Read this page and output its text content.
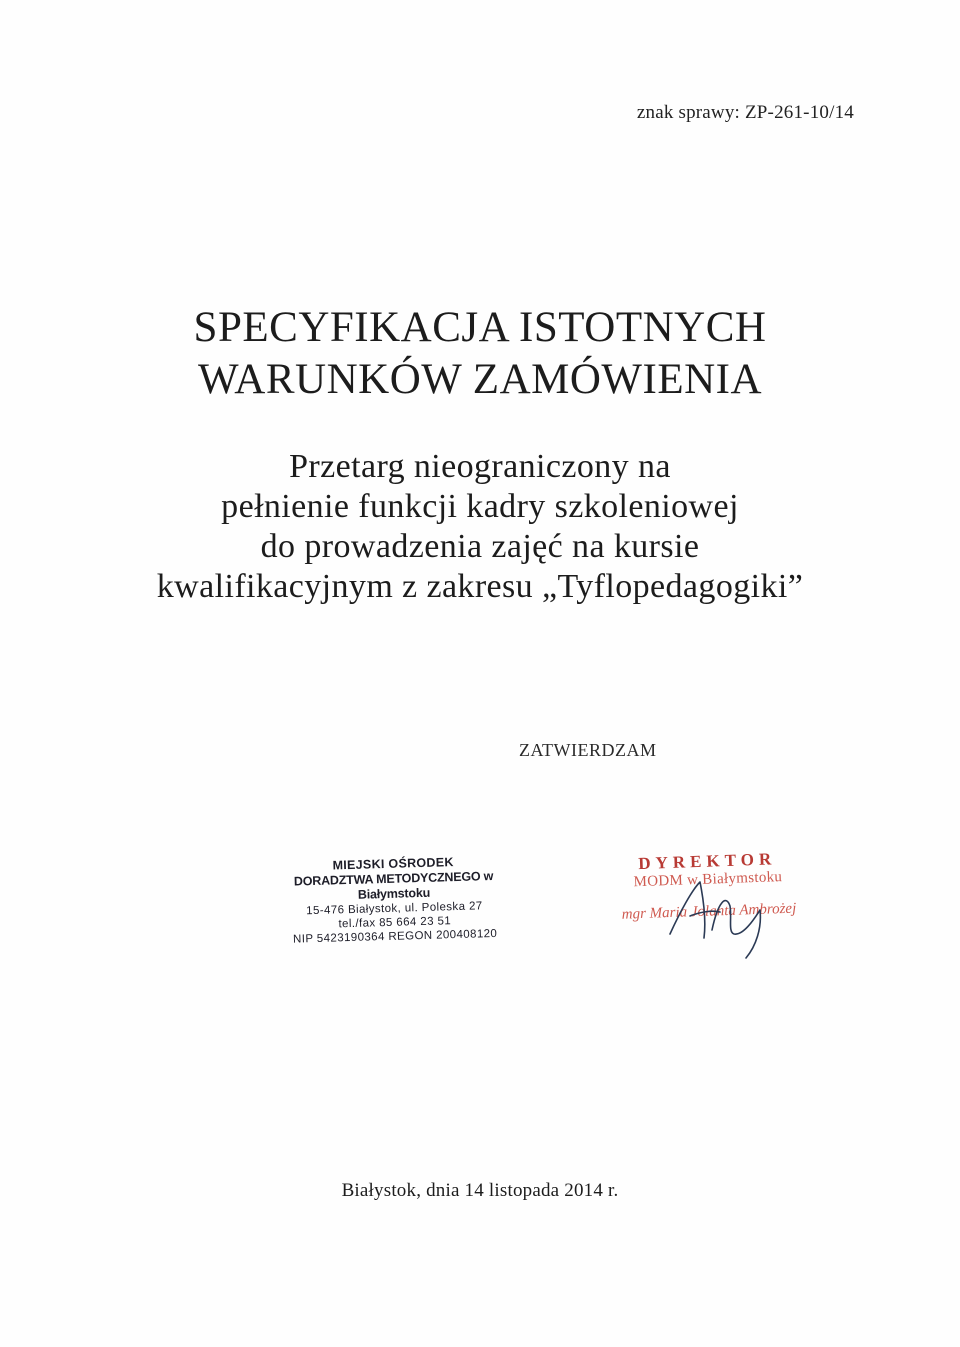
znak sprawy: ZP-261-10/14
SPECYFIKACJA ISTOTNYCH
WARUNKÓW ZAMÓWIENIA
Przetarg nieograniczony na
pełnienie funkcji kadry szkoleniowej
do prowadzenia zajęć na kursie
kwalifikacyjnym z zakresu „Tyflopedagogiki”
ZATWIERDZAM
MIEJSKI OŚRODEK
DORADZTWA METODYCZNEGO w Białymstoku
15-476 Białystok, ul. Poleska 27
tel./fax 85 664 23 51
NIP 5423190364 REGON 200408120
DYREKTOR
MODM w Białymstoku
mgr Maria Jolanta Ambrożej
Białystok, dnia 14 listopada 2014 r.
